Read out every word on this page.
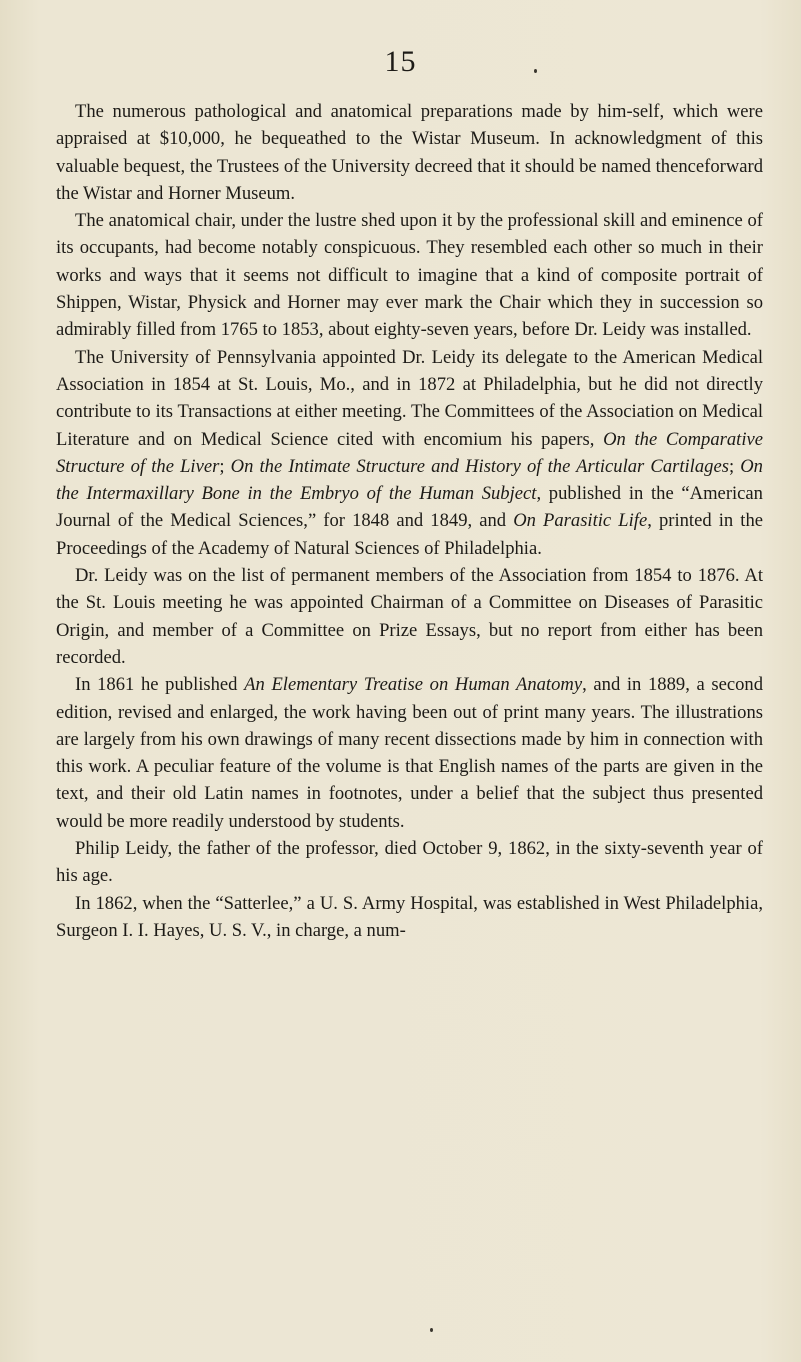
15

The numerous pathological and anatomical preparations made by him-self, which were appraised at $10,000, he bequeathed to the Wistar Museum. In acknowledgment of this valuable bequest, the Trustees of the University decreed that it should be named thenceforward the Wistar and Horner Museum.

The anatomical chair, under the lustre shed upon it by the professional skill and eminence of its occupants, had become notably conspicuous. They resembled each other so much in their works and ways that it seems not difficult to imagine that a kind of composite portrait of Shippen, Wistar, Physick and Horner may ever mark the Chair which they in succession so admirably filled from 1765 to 1853, about eighty-seven years, before Dr. Leidy was installed.

The University of Pennsylvania appointed Dr. Leidy its delegate to the American Medical Association in 1854 at St. Louis, Mo., and in 1872 at Philadelphia, but he did not directly contribute to its Transactions at either meeting. The Committees of the Association on Medical Literature and on Medical Science cited with encomium his papers, On the Comparative Structure of the Liver; On the Intimate Structure and History of the Articular Cartilages; On the Intermaxillary Bone in the Embryo of the Human Subject, published in the “American Journal of the Medical Sciences,” for 1848 and 1849, and On Parasitic Life, printed in the Proceedings of the Academy of Natural Sciences of Philadelphia.

Dr. Leidy was on the list of permanent members of the Association from 1854 to 1876. At the St. Louis meeting he was appointed Chairman of a Committee on Diseases of Parasitic Origin, and member of a Committee on Prize Essays, but no report from either has been recorded.

In 1861 he published An Elementary Treatise on Human Anatomy, and in 1889, a second edition, revised and enlarged, the work having been out of print many years. The illustrations are largely from his own drawings of many recent dissections made by him in connection with this work. A peculiar feature of the volume is that English names of the parts are given in the text, and their old Latin names in footnotes, under a belief that the subject thus presented would be more readily understood by students.

Philip Leidy, the father of the professor, died October 9, 1862, in the sixty-seventh year of his age.

In 1862, when the “Satterlee,” a U. S. Army Hospital, was established in West Philadelphia, Surgeon I. I. Hayes, U. S. V., in charge, a num-
